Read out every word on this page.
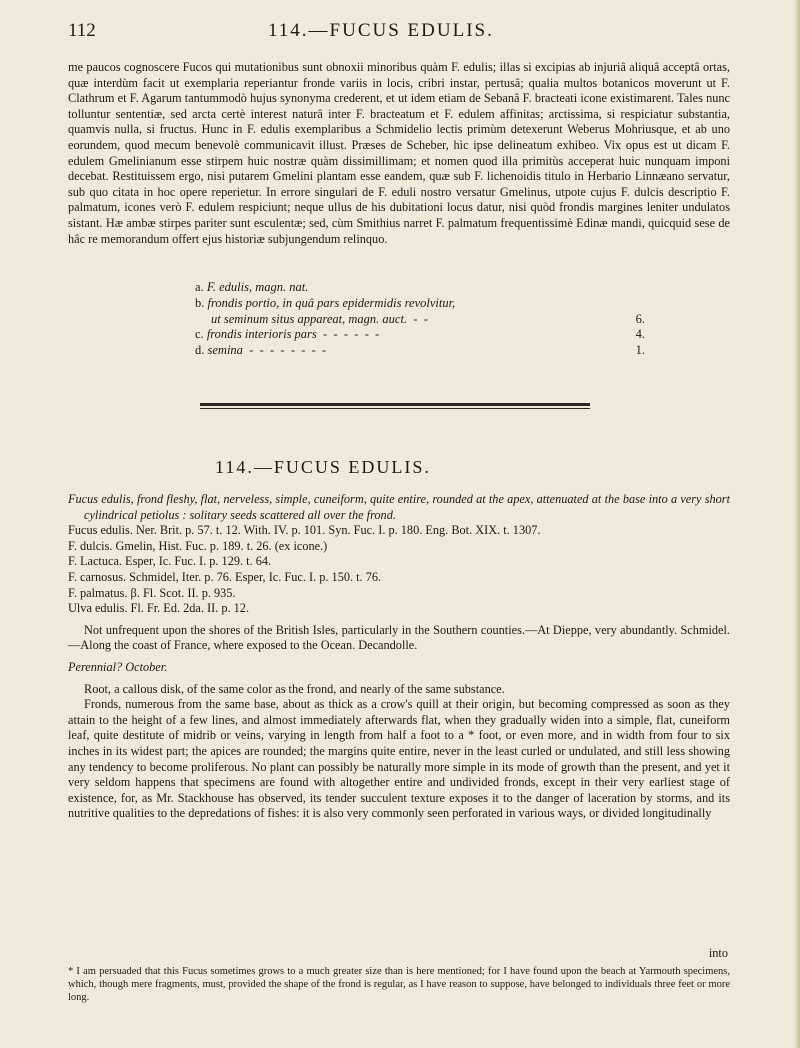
112	114.—FUCUS EDULIS.

me paucos cognoscere Fucos qui mutationibus sunt obnoxii minoribus quàm F. edulis; illas si excipias ab injuriâ aliquâ acceptâ ortas, quæ interdùm facit ut exemplaria reperiantur fronde variis in locis, cribri instar, pertusâ; qualia multos botanicos moverunt ut F. Clathrum et F. Agarum tantummodò hujus synonyma crederent, et ut idem etiam de Sebanâ F. bracteati icone existimarent. Tales nunc tolluntur sententiæ, sed arcta certè interest naturâ inter F. bracteatum et F. edulem affinitas; arctissima, si respiciatur substantia, quamvis nulla, si fructus. Hunc in F. edulis exemplaribus a Schmidelio lectis primùm detexerunt Weberus Mohriusque, et ab uno eorundem, quod mecum benevolè communicavit illust. Præses de Scheber, hìc ipse delineatum exhibeo. Vix opus est ut dicam F. edulem Gmelinianum esse stirpem huic nostræ quàm dissimillimam; et nomen quod illa primitùs acceperat huic nunquam imponi decebat. Restituissem ergo, nisi putarem Gmelini plantam esse eandem, quæ sub F. lichenoidis titulo in Herbario Linnæano servatur, sub quo citata in hoc opere reperietur. In errore singulari de F. eduli nostro versatur Gmelinus, utpote cujus F. dulcis descriptio F. palmatum, icones verò F. edulem respiciunt; neque ullus de his dubitationi locus datur, nisi quòd frondis margines leniter undulatos sistant. Hæ ambæ stirpes pariter sunt esculentæ; sed, cùm Smithius narret F. palmatum frequentissimè Edinæ mandi, quicquid sese de hâc re memorandum offert ejus historiæ subjungendum relinquo.

a. F. edulis, magn. nat.
b. frondis portio, in quâ pars epidermidis revolvitur,
ut seminum situs appareat, magn. auct.  -  -	6.
c. frondis interioris pars  -  -  -  -  -  -	4.
d. semina  -  -  -  -  -  -  -  -	1.
114.—FUCUS EDULIS.

Fucus edulis, frond fleshy, flat, nerveless, simple, cuneiform, quite entire, rounded at the apex, attenuated at the base into a very short cylindrical petiolus : solitary seeds scattered all over the frond.

Fucus edulis. Ner. Brit. p. 57. t. 12. With. IV. p. 101. Syn. Fuc. I. p. 180. Eng. Bot. XIX. t. 1307.

F. dulcis. Gmelin, Hist. Fuc. p. 189. t. 26. (ex icone.)

F. Lactuca. Esper, Ic. Fuc. I. p. 129. t. 64.

F. carnosus. Schmidel, Iter. p. 76. Esper, Ic. Fuc. I. p. 150. t. 76.

F. palmatus. β. Fl. Scot. II. p. 935.

Ulva edulis. Fl. Fr. Ed. 2da. II. p. 12.

Not unfrequent upon the shores of the British Isles, particularly in the Southern counties.—At Dieppe, very abundantly. Schmidel.—Along the coast of France, where exposed to the Ocean. Decandolle.

Perennial? October.

Root, a callous disk, of the same color as the frond, and nearly of the same substance.

Fronds, numerous from the same base, about as thick as a crow's quill at their origin, but becoming compressed as soon as they attain to the height of a few lines, and almost immediately afterwards flat, when they gradually widen into a simple, flat, cuneiform leaf, quite destitute of midrib or veins, varying in length from half a foot to a * foot, or even more, and in width from four to six inches in its widest part; the apices are rounded; the margins quite entire, never in the least curled or undulated, and still less showing any tendency to become proliferous. No plant can possibly be naturally more simple in its mode of growth than the present, and yet it very seldom happens that specimens are found with altogether entire and undivided fronds, except in their very earliest stage of existence, for, as Mr. Stackhouse has observed, its tender succulent texture exposes it to the danger of laceration by storms, and its nutritive qualities to the depredations of fishes: it is also very commonly seen perforated in various ways, or divided longitudinally

into
* I am persuaded that this Fucus sometimes grows to a much greater size than is here mentioned; for I have found upon the beach at Yarmouth specimens, which, though mere fragments, must, provided the shape of the frond is regular, as I have reason to suppose, have belonged to individuals three feet or more long.
